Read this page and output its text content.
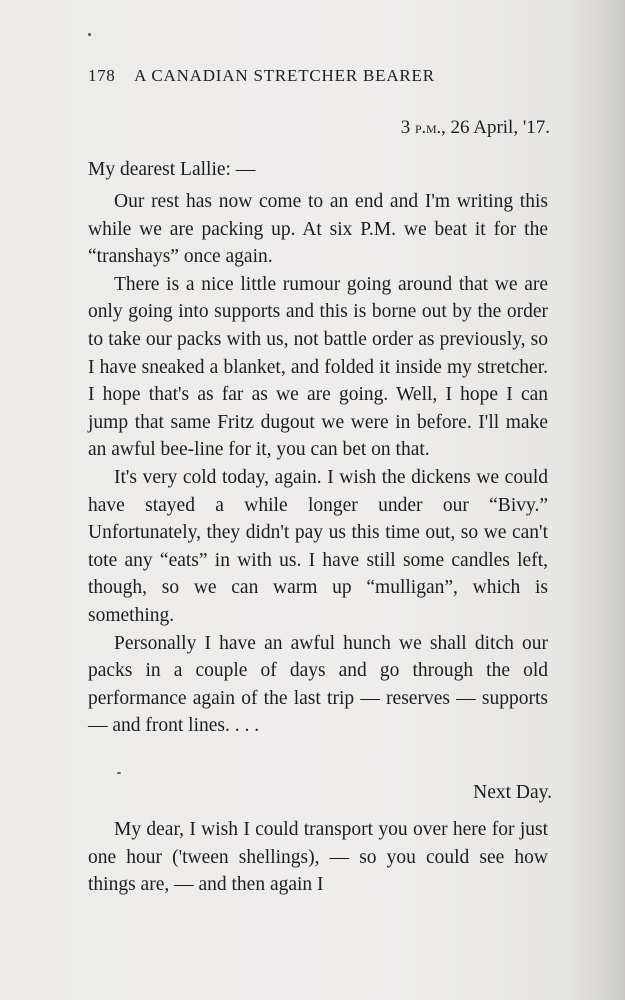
178 A CANADIAN STRETCHER BEARER
3 p.m., 26 April, '17.
My dearest Lallie: —

Our rest has now come to an end and I'm writing this while we are packing up. At six P.M. we beat it for the “transhays” once again.

There is a nice little rumour going around that we are only going into supports and this is borne out by the order to take our packs with us, not battle order as previously, so I have sneaked a blanket, and folded it inside my stretcher. I hope that's as far as we are going. Well, I hope I can jump that same Fritz dugout we were in before. I'll make an awful bee-line for it, you can bet on that.

It's very cold today, again. I wish the dickens we could have stayed a while longer under our “Bivy.” Unfortunately, they didn't pay us this time out, so we can't tote any “eats” in with us. I have still some candles left, though, so we can warm up “mulligan”, which is something.

Personally I have an awful hunch we shall ditch our packs in a couple of days and go through the old performance again of the last trip — reserves — supports — and front lines. . . .

Next Day.

My dear, I wish I could transport you over here for just one hour ('tween shellings), — so you could see how things are, — and then again I
